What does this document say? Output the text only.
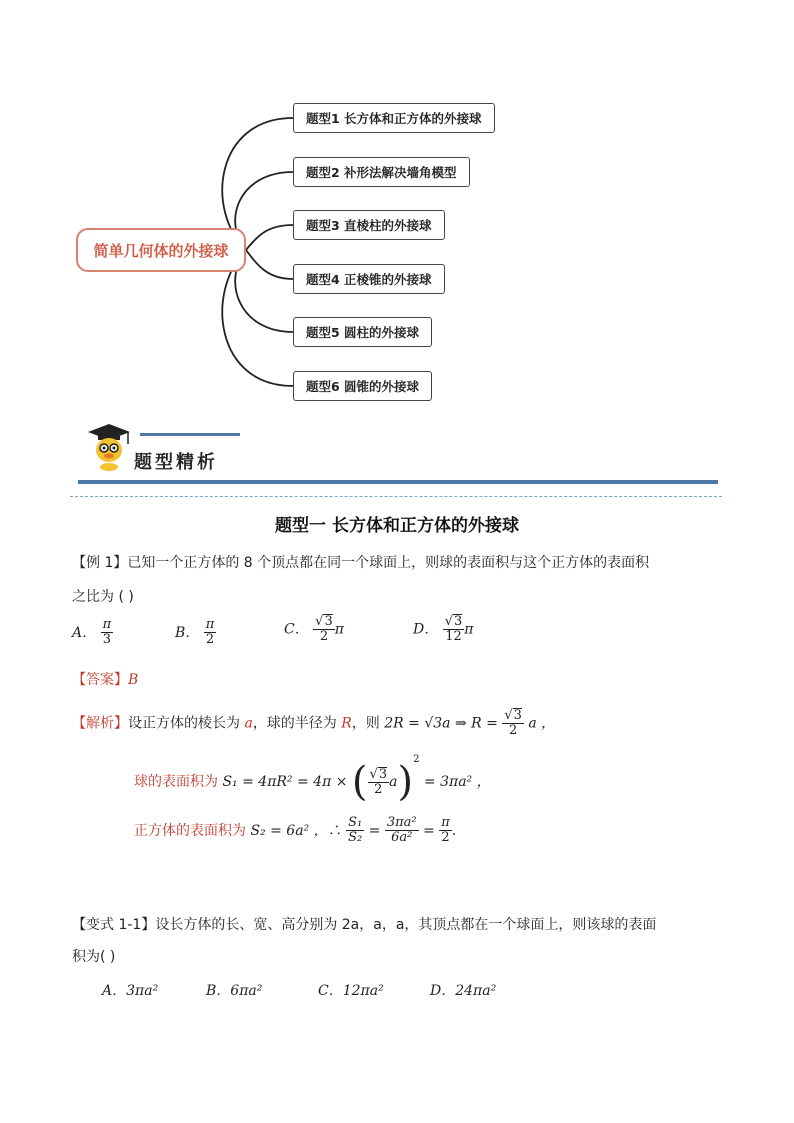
简单几何体的外接球
题型1 长方体和正方体的外接球
题型2 补形法解决墙角模型
题型3 直棱柱的外接球
题型4 正棱锥的外接球
题型5 圆柱的外接球
题型6 圆锥的外接球
题型精析
题型一 长方体和正方体的外接球
【例 1】已知一个正方体的 8 个顶点都在同一个球面上，则球的表面积与这个正方体的表面积
之比为 ( )
A． $\frac{\pi}{3}$	B． $\frac{\pi}{2}$	C． $\frac{√3}{2}$ π	D． $\frac{√3}{12}$ π
【答案】B
【解析】设正方体的棱长为 a，球的半径为 R，则 2R = √3a ⇒ $R = \frac{√3}{2}$ a ，
球的表面积为 S₁ = 4πR² = 4π × ( $\frac{√3}{2} a)^2 = 3\pi a^2$ ，
正方体的表面积为 S₂ = 6a² ，∴ $\frac{\text{S₁}}{\text{S₂}} = \frac{\text{3πa²}}{\text{6a²}} = \frac{\pi}{2}$ .
【变式 1-1】设长方体的长、宽、高分别为 2a，a，a，其顶点都在一个球面上，则该球的表面
积为( )
A．3πa²	B．6πa²	C．12πa²	D．24πa²
